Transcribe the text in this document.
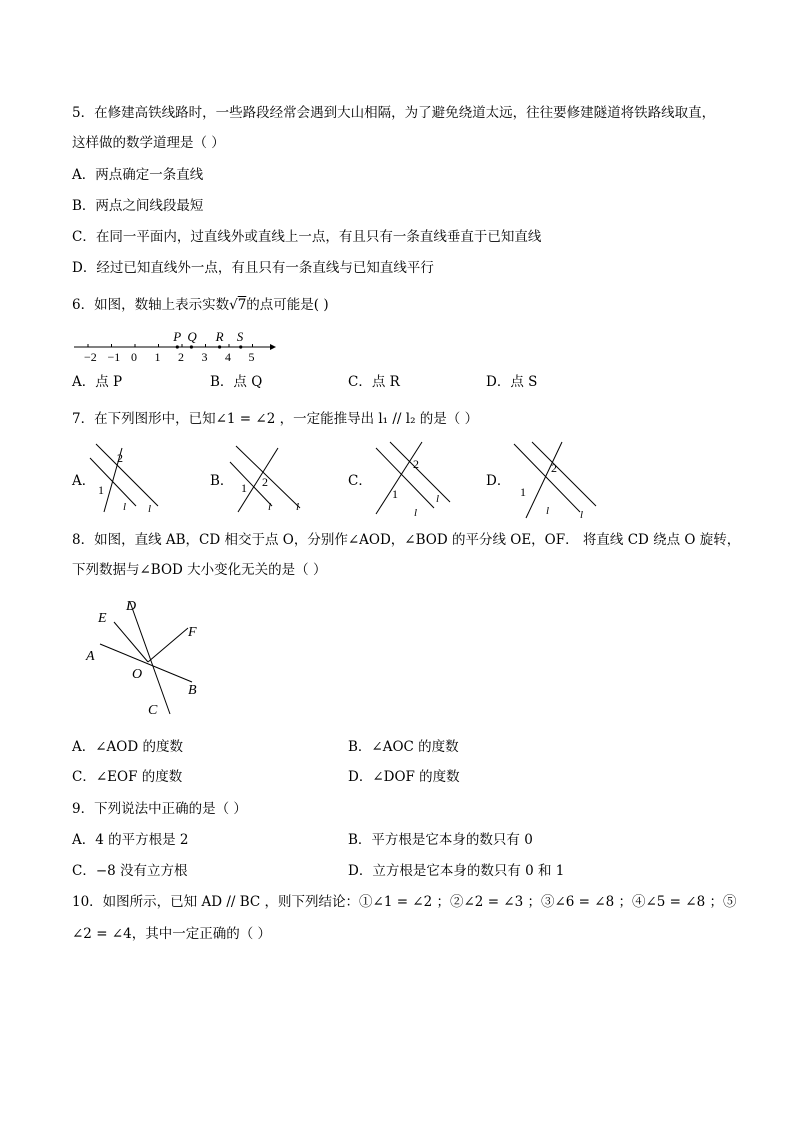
5．在修建高铁线路时，一些路段经常会遇到大山相隔，为了避免绕道太远，往往要修建隧道将铁路线取直，
这样做的数学道理是（ ）
A．两点确定一条直线
B．两点之间线段最短
C．在同一平面内，过直线外或直线上一点，有且只有一条直线垂直于已知直线
D．经过已知直线外一点，有且只有一条直线与已知直线平行
6．如图，数轴上表示实数√7的点可能是( )
−2 −1 0 1 2 3 4 5
P Q R S
A．点 P	B．点 Q	C．点 R	D．点 S
7．在下列图形中，已知∠1 = ∠2 ，一定能推导出 l₁ // l₂ 的是（ ）
A．	B．	C．	D．
2
1
l l
2
1
l l
2
1
l
l
2
1
l	l
8．如图，直线 AB，CD 相交于点 O，分别作∠AOD，∠BOD 的平分线 OE，OF． 将直线 CD 绕点 O 旋转，
下列数据与∠BOD 大小变化无关的是（ ）
A
B
C
D
E
F
O
A．∠AOD 的度数	B．∠AOC 的度数
C．∠EOF 的度数	D．∠DOF 的度数
9．下列说法中正确的是（ ）
A．4 的平方根是 2	B．平方根是它本身的数只有 0
C．−8 没有立方根	D．立方根是它本身的数只有 0 和 1
10．如图所示，已知 AD // BC ，则下列结论：①∠1 = ∠2 ；②∠2 = ∠3 ；③∠6 = ∠8 ；④∠5 = ∠8 ；⑤
∠2 = ∠4，其中一定正确的（ ）
